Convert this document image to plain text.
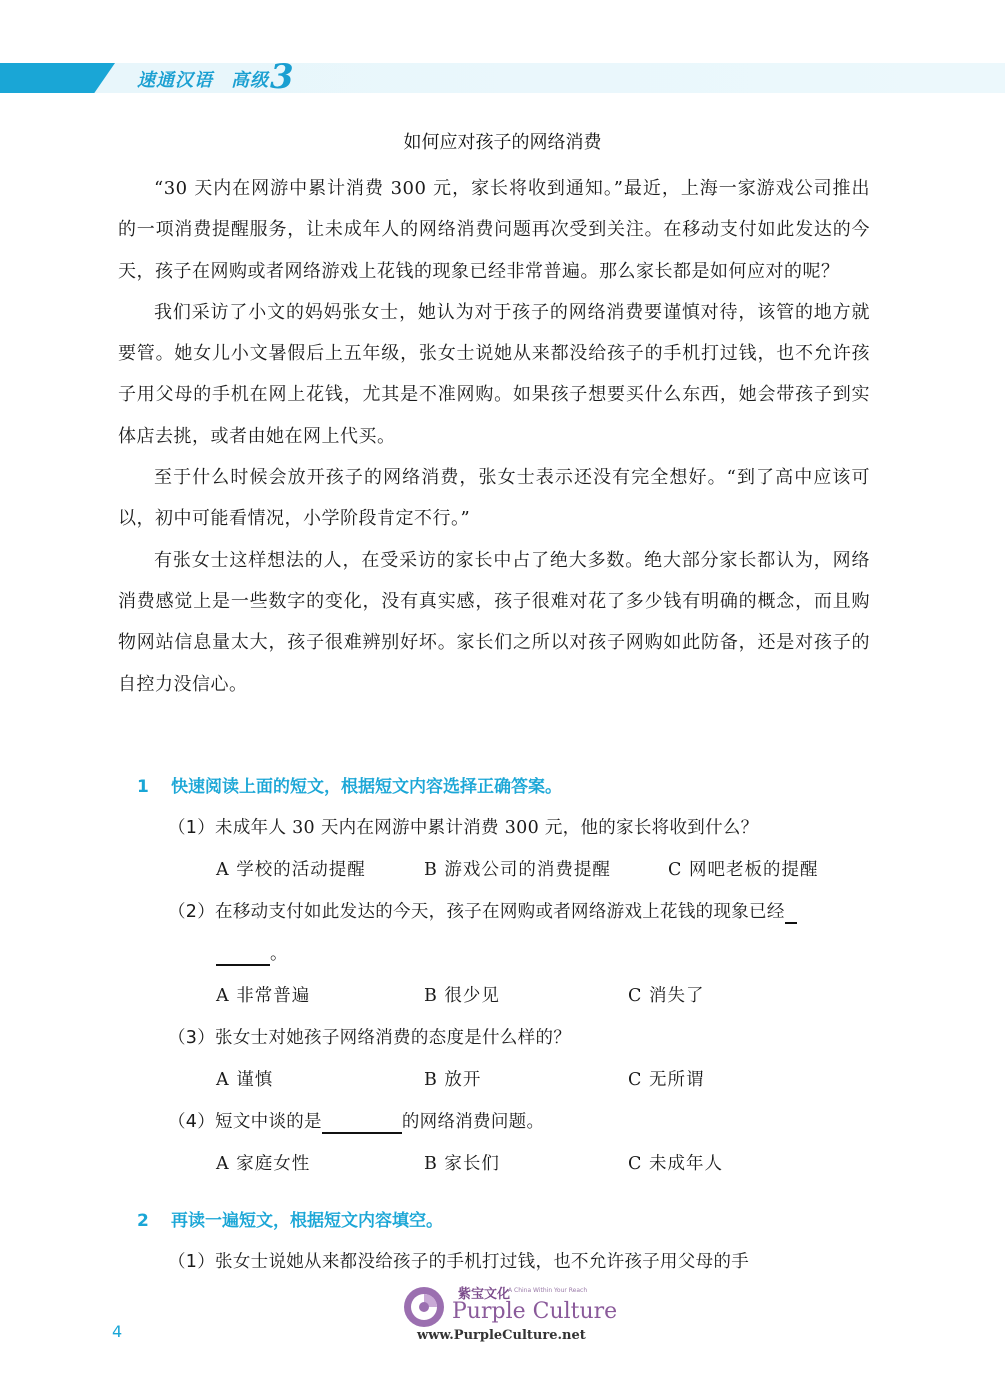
速通汉语 高级 3
如何应对孩子的网络消费

“30 天内在网游中累计消费 300 元，家长将收到通知。”最近，上海一家游戏公司推出的一项消费提醒服务，让未成年人的网络消费问题再次受到关注。在移动支付如此发达的今天，孩子在网购或者网络游戏上花钱的现象已经非常普遍。那么家长都是如何应对的呢？

我们采访了小文的妈妈张女士，她认为对于孩子的网络消费要谨慎对待，该管的地方就要管。她女儿小文暑假后上五年级，张女士说她从来都没给孩子的手机打过钱，也不允许孩子用父母的手机在网上花钱，尤其是不准网购。如果孩子想要买什么东西，她会带孩子到实体店去挑，或者由她在网上代买。

至于什么时候会放开孩子的网络消费，张女士表示还没有完全想好。“到了高中应该可以，初中可能看情况，小学阶段肯定不行。”

有张女士这样想法的人，在受采访的家长中占了绝大多数。绝大部分家长都认为，网络消费感觉上是一些数字的变化，没有真实感，孩子很难对花了多少钱有明确的概念，而且购物网站信息量太大，孩子很难辨别好坏。家长们之所以对孩子网购如此防备，还是对孩子的自控力没信心。

1 快速阅读上面的短文，根据短文内容选择正确答案。
（1）未成年人 30 天内在网游中累计消费 300 元，他的家长将收到什么？
A 学校的活动提醒	B 游戏公司的消费提醒	C 网吧老板的提醒
（2）在移动支付如此发达的今天，孩子在网购或者网络游戏上花钱的现象已经
。
A 非常普遍	B 很少见	C 消失了
（3）张女士对她孩子网络消费的态度是什么样的？
A 谨慎	B 放开	C 无所谓
（4）短文中谈的是	的网络消费问题。
A 家庭女性	B 家长们	C 未成年人
2 再读一遍短文，根据短文内容填空。
（1）张女士说她从来都没给孩子的手机打过钱，也不允许孩子用父母的手
紫宝文化
A China Within Your Reach
Purple Culture
www.PurpleCulture.net
4
